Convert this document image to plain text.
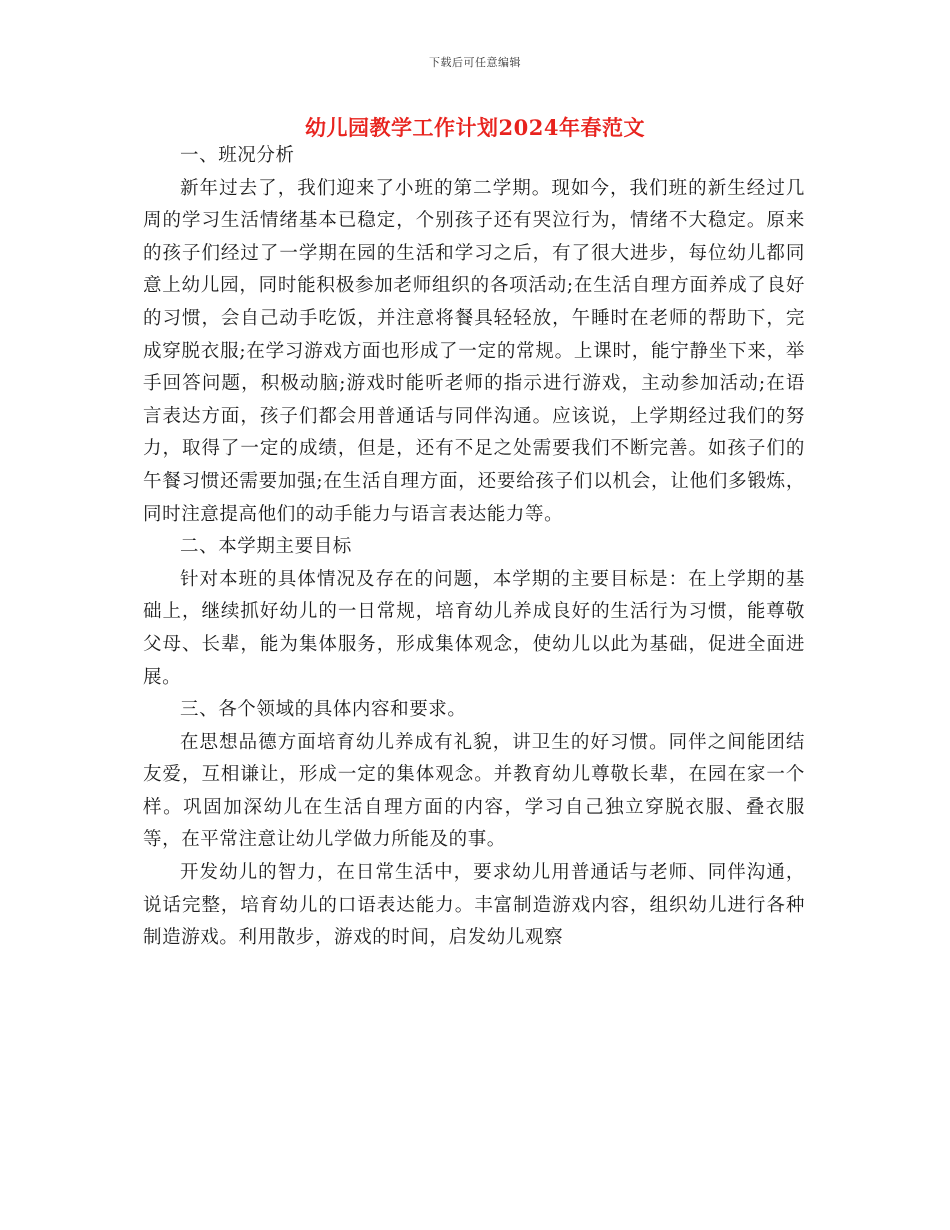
下载后可任意编辑
幼儿园教学工作计划2024年春范文

一、班况分析

新年过去了，我们迎来了小班的第二学期。现如今，我们班的新生经过几周的学习生活情绪基本已稳定，个别孩子还有哭泣行为，情绪不大稳定。原来的孩子们经过了一学期在园的生活和学习之后，有了很大进步，每位幼儿都同意上幼儿园，同时能积极参加老师组织的各项活动;在生活自理方面养成了良好的习惯，会自己动手吃饭，并注意将餐具轻轻放，午睡时在老师的帮助下，完成穿脱衣服;在学习游戏方面也形成了一定的常规。上课时，能宁静坐下来，举手回答问题，积极动脑;游戏时能听老师的指示进行游戏，主动参加活动;在语言表达方面，孩子们都会用普通话与同伴沟通。应该说，上学期经过我们的努力，取得了一定的成绩，但是，还有不足之处需要我们不断完善。如孩子们的午餐习惯还需要加强;在生活自理方面，还要给孩子们以机会，让他们多锻炼，同时注意提高他们的动手能力与语言表达能力等。

二、本学期主要目标

针对本班的具体情况及存在的问题，本学期的主要目标是：在上学期的基础上，继续抓好幼儿的一日常规，培育幼儿养成良好的生活行为习惯，能尊敬父母、长辈，能为集体服务，形成集体观念，使幼儿以此为基础，促进全面进展。

三、各个领域的具体内容和要求。

在思想品德方面培育幼儿养成有礼貌，讲卫生的好习惯。同伴之间能团结友爱，互相谦让，形成一定的集体观念。并教育幼儿尊敬长辈，在园在家一个样。巩固加深幼儿在生活自理方面的内容，学习自己独立穿脱衣服、叠衣服等，在平常注意让幼儿学做力所能及的事。

开发幼儿的智力，在日常生活中，要求幼儿用普通话与老师、同伴沟通，说话完整，培育幼儿的口语表达能力。丰富制造游戏内容，组织幼儿进行各种制造游戏。利用散步，游戏的时间，启发幼儿观察
